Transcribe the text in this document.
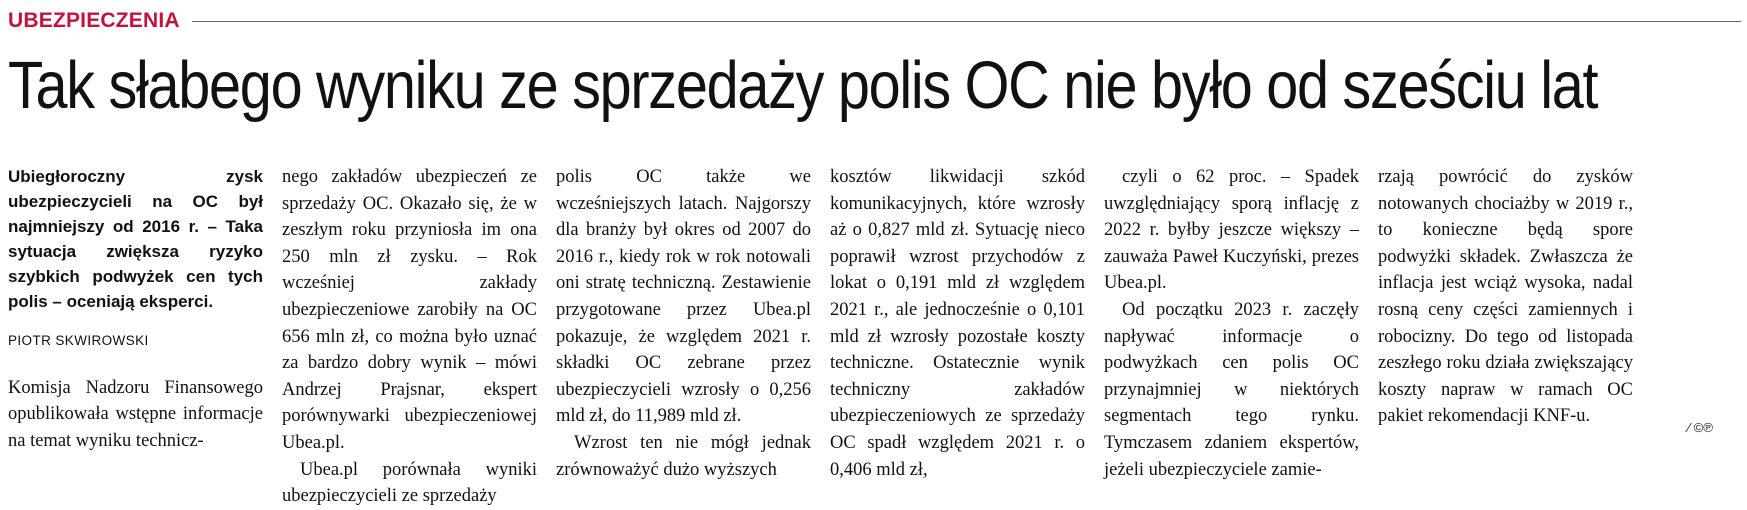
UBEZPIECZENIA
Tak słabego wyniku ze sprzedaży polis OC nie było od sześciu lat

Ubiegłoroczny zysk ubezpieczycieli na OC był najmniejszy od 2016 r. – Taka sytuacja zwiększa ryzyko szybkich podwyżek cen tych polis – oceniają eksperci.

PIOTR SKWIROWSKI

Komisja Nadzoru Finansowego opublikowała wstępne informacje na temat wyniku technicz-

nego zakładów ubezpieczeń ze sprzedaży OC. Okazało się, że w zeszłym roku przyniosła im ona 250 mln zł zysku. – Rok wcześniej zakłady ubezpieczeniowe zarobiły na OC 656 mln zł, co można było uznać za bardzo dobry wynik – mówi Andrzej Prajsnar, ekspert porównywarki ubezpieczeniowej Ubea.pl.

Ubea.pl porównała wyniki ubezpieczycieli ze sprzedaży

polis OC także we wcześniejszych latach. Najgorszy dla branży był okres od 2007 do 2016 r., kiedy rok w rok notowali oni stratę techniczną. Zestawienie przygotowane przez Ubea.pl pokazuje, że względem 2021 r. składki OC zebrane przez ubezpieczycieli wzrosły o 0,256 mld zł, do 11,989 mld zł.

Wzrost ten nie mógł jednak zrównoważyć dużo wyższych

kosztów likwidacji szkód komunikacyjnych, które wzrosły aż o 0,827 mld zł. Sytuację nieco poprawił wzrost przychodów z lokat o 0,191 mld zł względem 2021 r., ale jednocześnie o 0,101 mld zł wzrosły pozostałe koszty techniczne. Ostatecznie wynik techniczny zakładów ubezpieczeniowych ze sprzedaży OC spadł względem 2021 r. o 0,406 mld zł,

czyli o 62 proc. – Spadek uwzględniający sporą inflację z 2022 r. byłby jeszcze większy – zauważa Paweł Kuczyński, prezes Ubea.pl.

Od początku 2023 r. zaczęły napływać informacje o podwyżkach cen polis OC przynajmniej w niektórych segmentach tego rynku. Tymczasem zdaniem ekspertów, jeżeli ubezpieczyciele zamie-

rzają powrócić do zysków notowanych chociażby w 2019 r., to konieczne będą spore podwyżki składek. Zwłaszcza że inflacja jest wciąż wysoka, nadal rosną ceny części zamiennych i robocizny. Do tego od listopada zeszłego roku działa zwiększający koszty napraw w ramach OC pakiet rekomendacji KNF-u.

⁄ ©℗
